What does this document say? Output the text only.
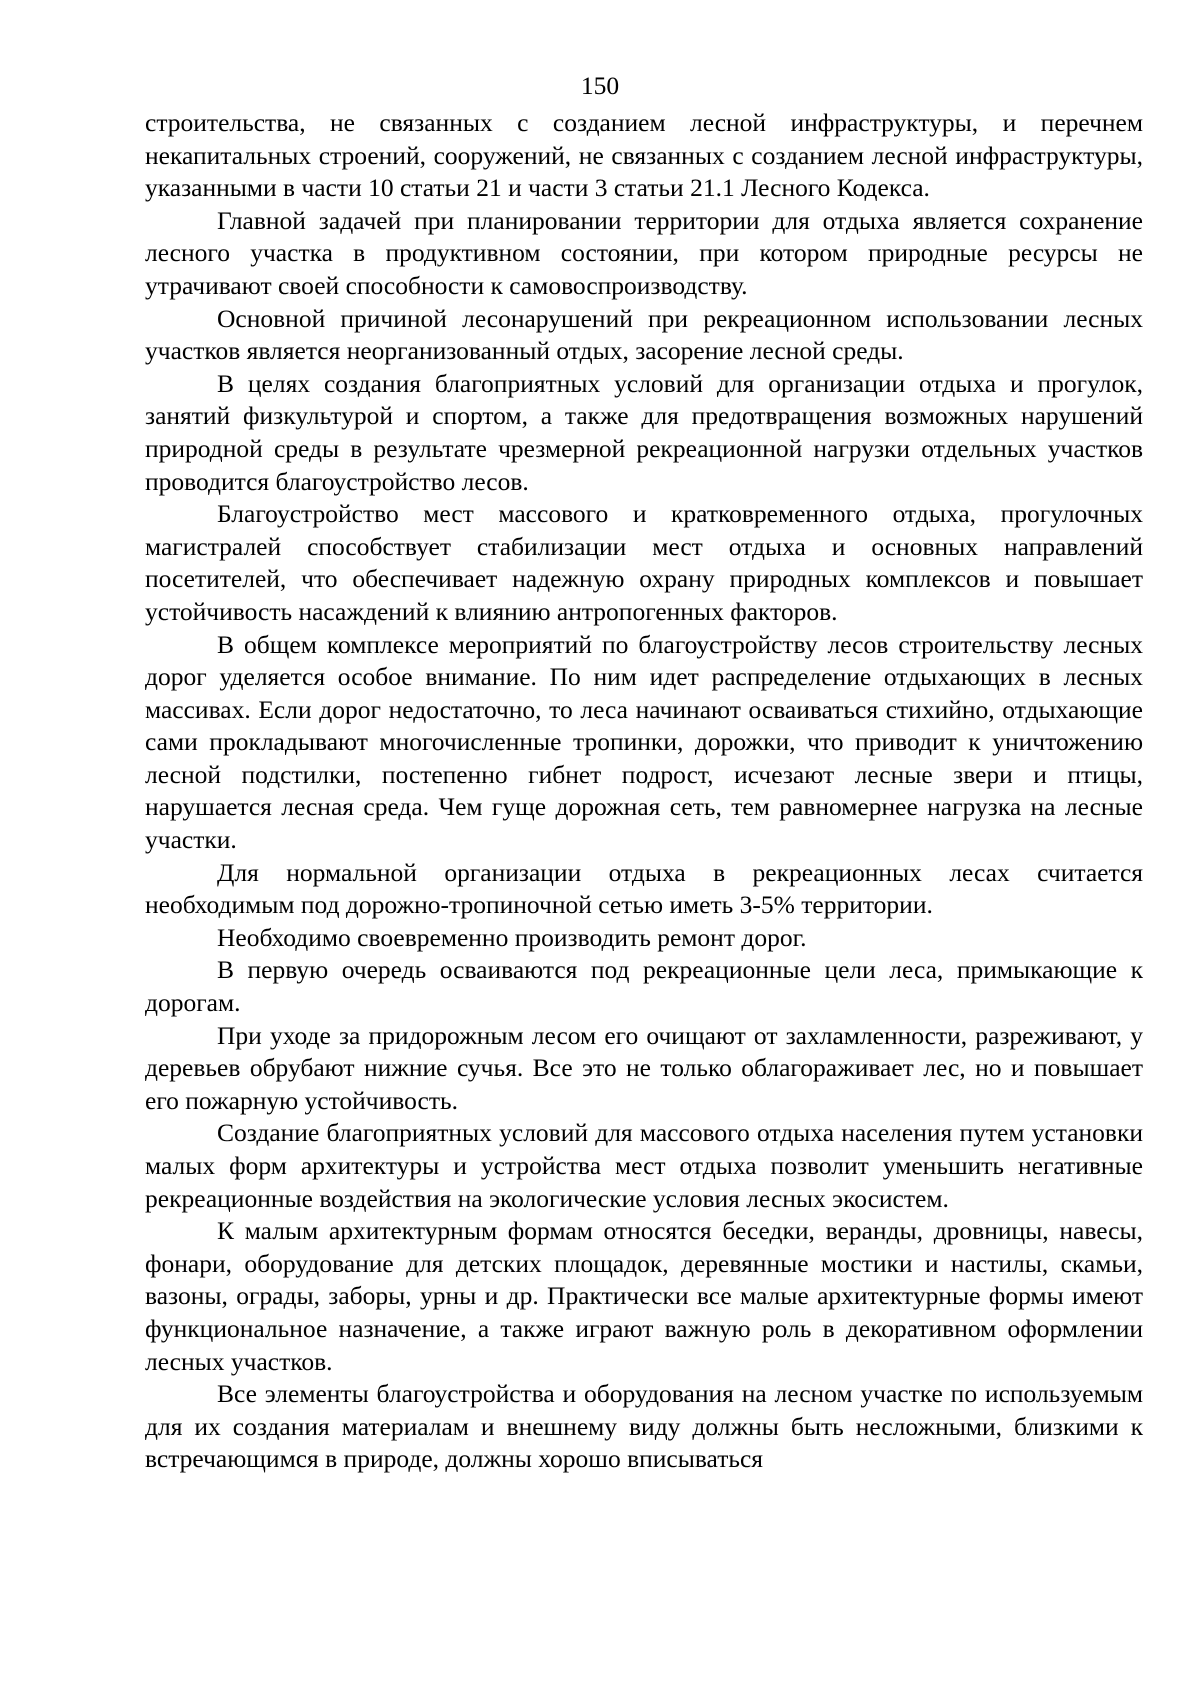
150

строительства, не связанных с созданием лесной инфраструктуры, и перечнем некапитальных строений, сооружений, не связанных с созданием лесной инфраструктуры, указанными в части 10 статьи 21 и части 3 статьи 21.1 Лесного Кодекса.

Главной задачей при планировании территории для отдыха является сохранение лесного участка в продуктивном состоянии, при котором природные ресурсы не утрачивают своей способности к самовоспроизводству.

Основной причиной лесонарушений при рекреационном использовании лесных участков является неорганизованный отдых, засорение лесной среды.

В целях создания благоприятных условий для организации отдыха и прогулок, занятий физкультурой и спортом, а также для предотвращения возможных нарушений природной среды в результате чрезмерной рекреационной нагрузки отдельных участков проводится благоустройство лесов.

Благоустройство мест массового и кратковременного отдыха, прогулочных магистралей способствует стабилизации мест отдыха и основных направлений посетителей, что обеспечивает надежную охрану природных комплексов и повышает устойчивость насаждений к влиянию антропогенных факторов.

В общем комплексе мероприятий по благоустройству лесов строительству лесных дорог уделяется особое внимание. По ним идет распределение отдыхающих в лесных массивах. Если дорог недостаточно, то леса начинают осваиваться стихийно, отдыхающие сами прокладывают многочисленные тропинки, дорожки, что приводит к уничтожению лесной подстилки, постепенно гибнет подрост, исчезают лесные звери и птицы, нарушается лесная среда. Чем гуще дорожная сеть, тем равномернее нагрузка на лесные участки.

Для нормальной организации отдыха в рекреационных лесах считается необходимым под дорожно-тропиночной сетью иметь 3-5% территории.

Необходимо своевременно производить ремонт дорог.

В первую очередь осваиваются под рекреационные цели леса, примыкающие к дорогам.

При уходе за придорожным лесом его очищают от захламленности, разреживают, у деревьев обрубают нижние сучья. Все это не только облагораживает лес, но и повышает его пожарную устойчивость.

Создание благоприятных условий для массового отдыха населения путем установки малых форм архитектуры и устройства мест отдыха позволит уменьшить негативные рекреационные воздействия на экологические условия лесных экосистем.

К малым архитектурным формам относятся беседки, веранды, дровницы, навесы, фонари, оборудование для детских площадок, деревянные мостики и настилы, скамьи, вазоны, ограды, заборы, урны и др. Практически все малые архитектурные формы имеют функциональное назначение, а также играют важную роль в декоративном оформлении лесных участков.

Все элементы благоустройства и оборудования на лесном участке по используемым для их создания материалам и внешнему виду должны быть несложными, близкими к встречающимся в природе, должны хорошо вписываться
